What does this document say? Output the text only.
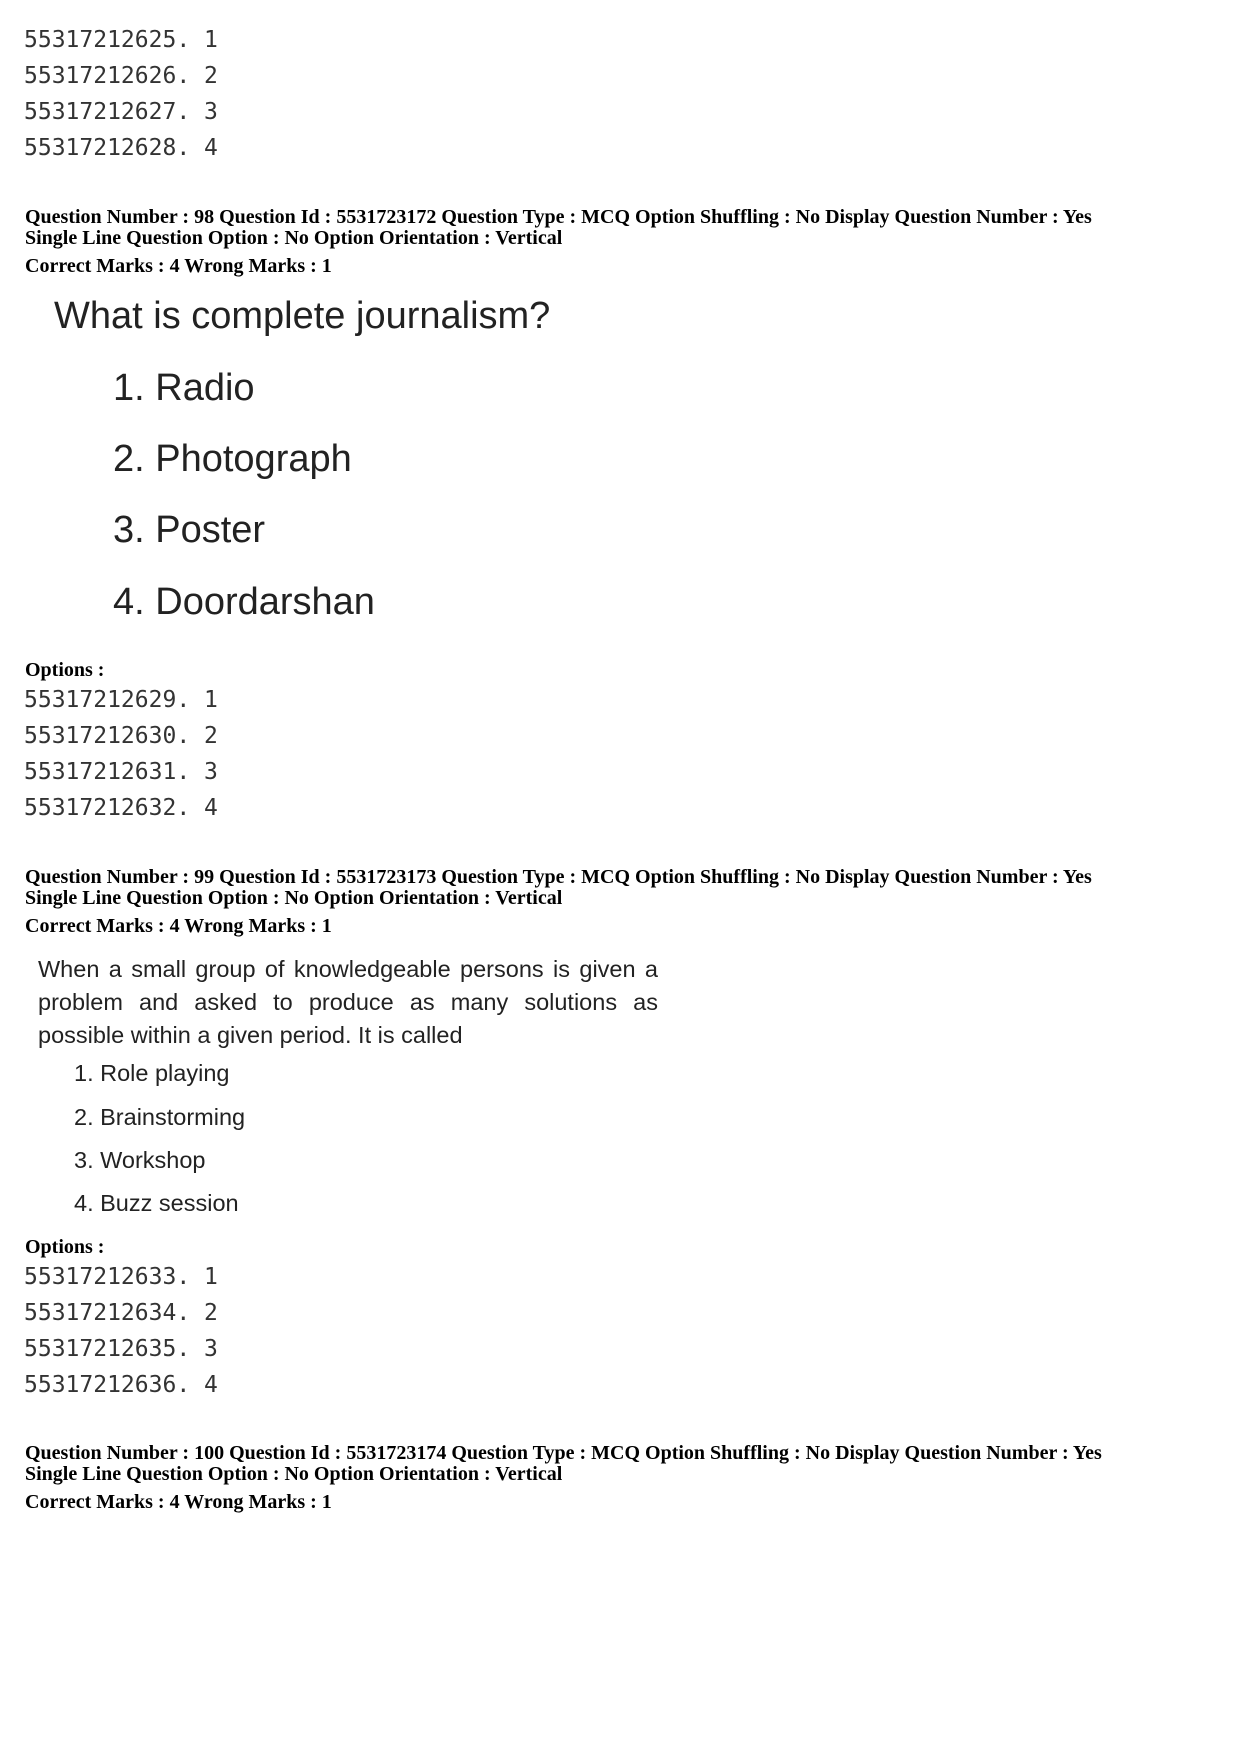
55317212625. 1
55317212626. 2
55317212627. 3
55317212628. 4
Question Number : 98 Question Id : 5531723172 Question Type : MCQ Option Shuffling : No Display Question Number : Yes
Single Line Question Option : No Option Orientation : Vertical
Correct Marks : 4 Wrong Marks : 1
What is complete journalism?
1. Radio
2. Photograph
3. Poster
4. Doordarshan
Options :
55317212629. 1
55317212630. 2
55317212631. 3
55317212632. 4
Question Number : 99 Question Id : 5531723173 Question Type : MCQ Option Shuffling : No Display Question Number : Yes
Single Line Question Option : No Option Orientation : Vertical
Correct Marks : 4 Wrong Marks : 1
When a small group of knowledgeable persons is given a problem and asked to produce as many solutions as possible within a given period. It is called
1. Role playing
2. Brainstorming
3. Workshop
4. Buzz session
Options :
55317212633. 1
55317212634. 2
55317212635. 3
55317212636. 4
Question Number : 100 Question Id : 5531723174 Question Type : MCQ Option Shuffling : No Display Question Number : Yes
Single Line Question Option : No Option Orientation : Vertical
Correct Marks : 4 Wrong Marks : 1
